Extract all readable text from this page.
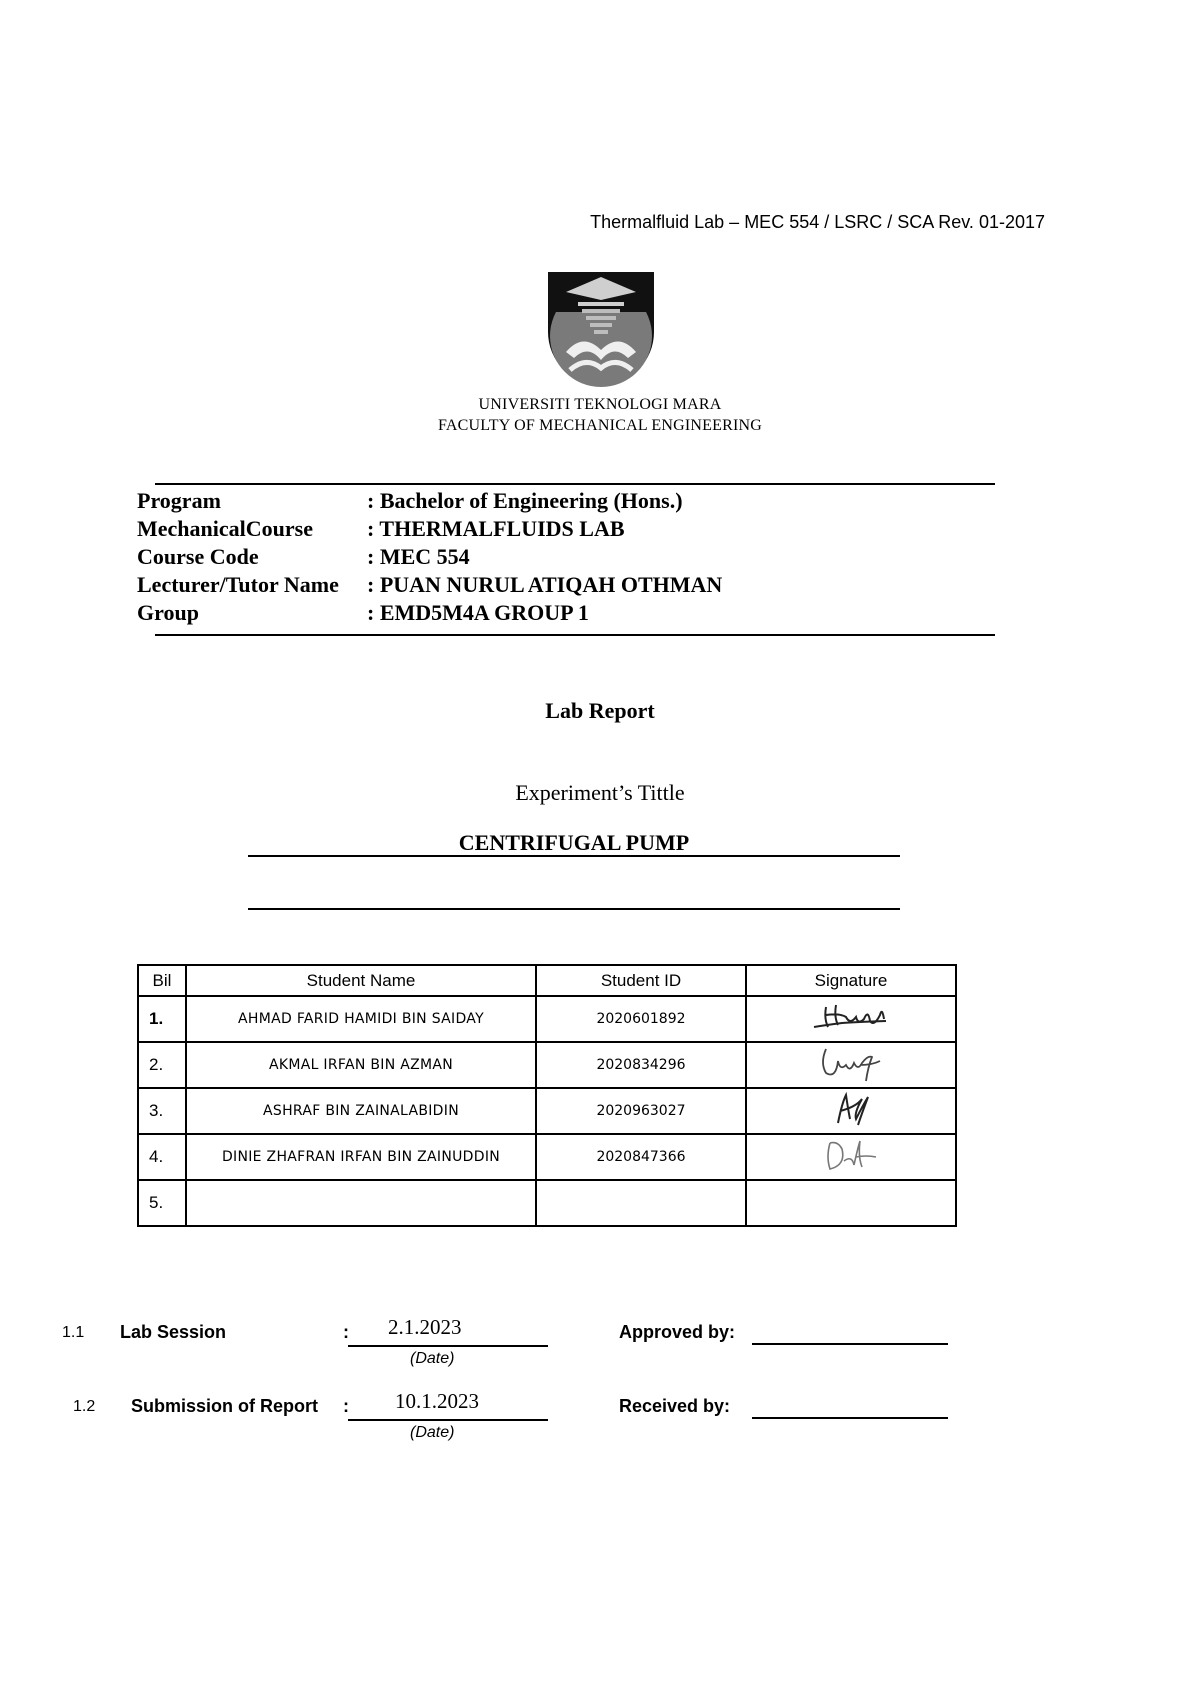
Thermalfluid Lab – MEC 554 / LSRC / SCA Rev. 01-2017
UNIVERSITI TEKNOLOGI MARA
FACULTY OF MECHANICAL ENGINEERING
Program	: Bachelor of Engineering (Hons.)
MechanicalCourse	: THERMALFLUIDS LAB
Course Code	: MEC 554
Lecturer/Tutor Name	: PUAN NURUL ATIQAH OTHMAN
Group	: EMD5M4A GROUP 1
Lab Report
Experiment’s Tittle
CENTRIFUGAL PUMP
Bil	Student Name	Student ID	Signature
1.	AHMAD FARID HAMIDI BIN SAIDAY	2020601892	
2.	AKMAL IRFAN BIN AZMAN	2020834296	
3.	ASHRAF BIN ZAINALABIDIN	2020963027	
4.	DINIE ZHAFRAN IRFAN BIN ZAINUDDIN	2020847366	
5.			
1.1 Lab Session	: 2.1.2023
(Date)
Approved by:
1.2 Submission of Report : 10.1.2023
(Date)
Received by:
